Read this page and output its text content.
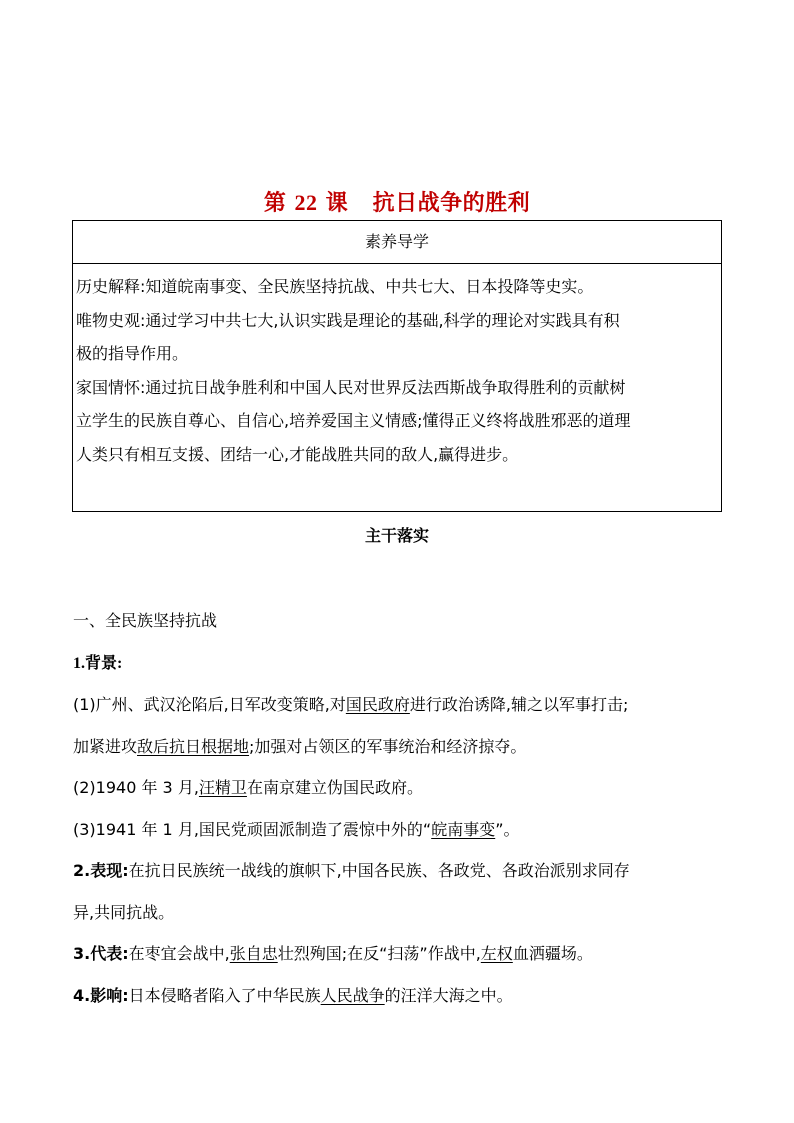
第 22 课 抗日战争的胜利
素养导学

历史解释:知道皖南事变、全民族坚持抗战、中共七大、日本投降等史实。

唯物史观:通过学习中共七大,认识实践是理论的基础,科学的理论对实践具有积

极的指导作用。

家国情怀:通过抗日战争胜利和中国人民对世界反法西斯战争取得胜利的贡献树

立学生的民族自尊心、自信心,培养爱国主义情感;懂得正义终将战胜邪恶的道理

人类只有相互支援、团结一心,才能战胜共同的敌人,赢得进步。

主干落实

一、全民族坚持抗战

1.背景:

(1)广州、武汉沦陷后,日军改变策略,对国民政府进行政治诱降,辅之以军事打击;

加紧进攻敌后抗日根据地;加强对占领区的军事统治和经济掠夺。

(2)1940 年 3 月,汪精卫在南京建立伪国民政府。

(3)1941 年 1 月,国民党顽固派制造了震惊中外的“皖南事变”。

2.表现:在抗日民族统一战线的旗帜下,中国各民族、各政党、各政治派别求同存

异,共同抗战。

3.代表:在枣宜会战中,张自忠壮烈殉国;在反“扫荡”作战中,左权血洒疆场。

4.影响:日本侵略者陷入了中华民族人民战争的汪洋大海之中。
